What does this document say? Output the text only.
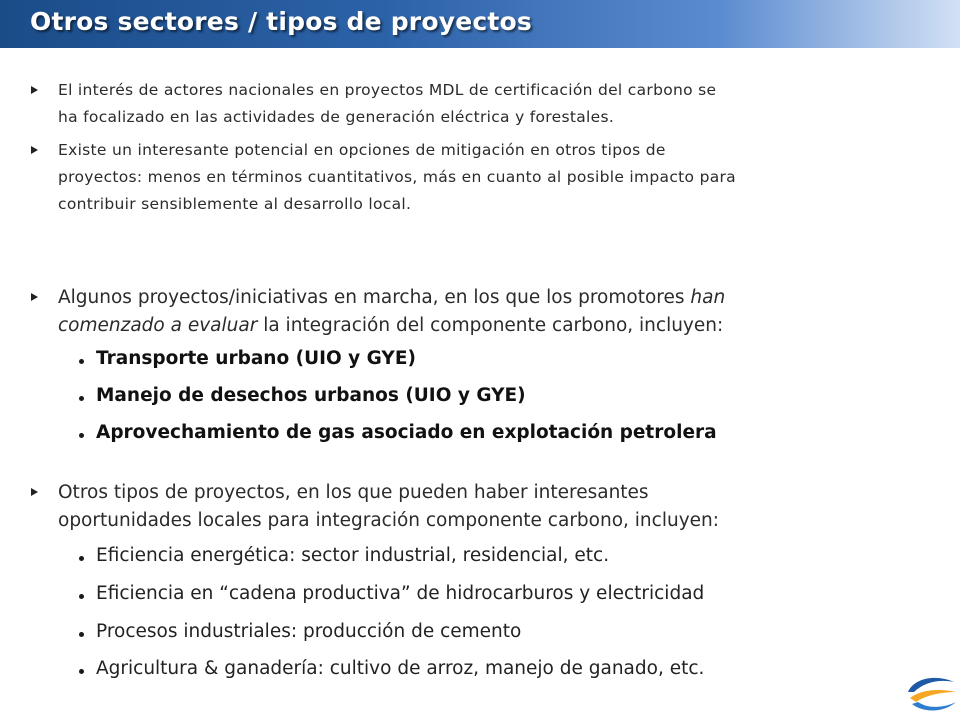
Otros sectores / tipos de proyectos
El interés de actores nacionales en proyectos MDL de certificación del carbono se
ha focalizado en las actividades de generación eléctrica y forestales.
Existe un interesante potencial en opciones de mitigación en otros tipos de
proyectos: menos en términos cuantitativos, más en cuanto al posible impacto para
contribuir sensiblemente al desarrollo local.
Algunos proyectos/iniciativas en marcha, en los que los promotores han
comenzado a evaluar la integración del componente carbono, incluyen:
Transporte urbano (UIO y GYE)
Manejo de desechos urbanos (UIO y GYE)
Aprovechamiento de gas asociado en explotación petrolera
Otros tipos de proyectos, en los que pueden haber interesantes
oportunidades locales para integración componente carbono, incluyen:
Eficiencia energética: sector industrial, residencial, etc.
Eficiencia en “cadena productiva” de hidrocarburos y electricidad
Procesos industriales: producción de cemento
Agricultura & ganadería: cultivo de arroz, manejo de ganado, etc.
